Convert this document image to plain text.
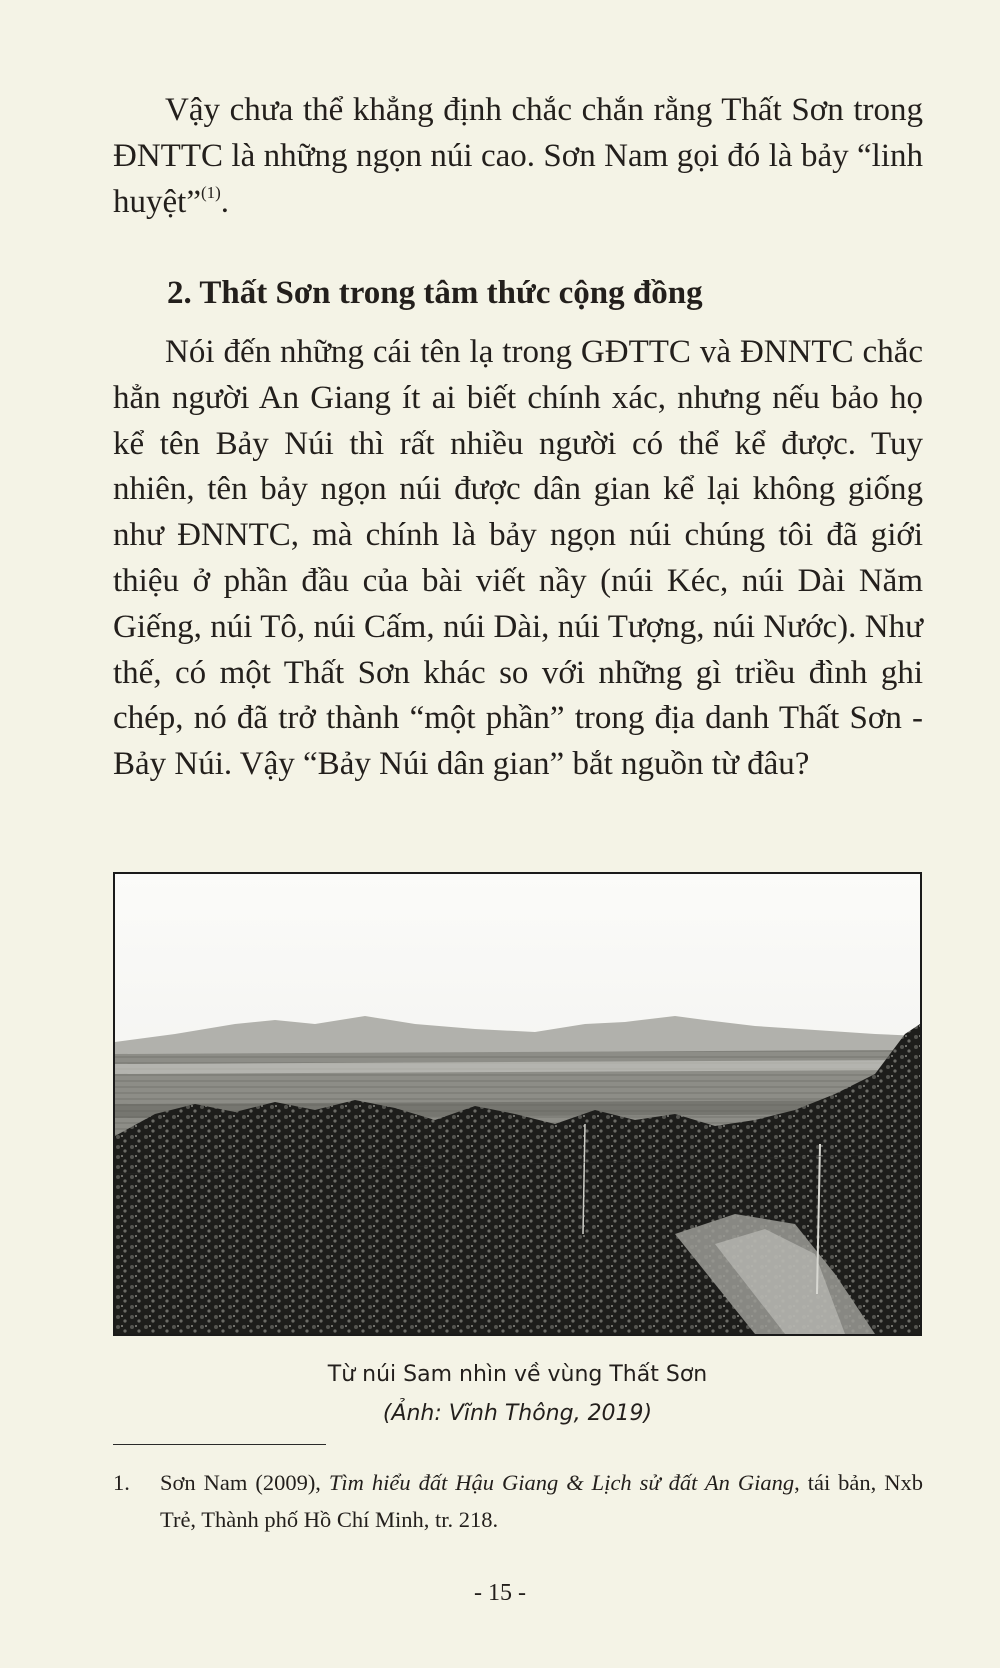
Vậy chưa thể khẳng định chắc chắn rằng Thất Sơn trong ĐNTTC là những ngọn núi cao. Sơn Nam gọi đó là bảy “linh huyệt”$^{(1)}$.

2. Thất Sơn trong tâm thức cộng đồng

Nói đến những cái tên lạ trong GĐTTC và ĐNNTC chắc hẳn người An Giang ít ai biết chính xác, nhưng nếu bảo họ kể tên Bảy Núi thì rất nhiều người có thể kể được. Tuy nhiên, tên bảy ngọn núi được dân gian kể lại không giống như ĐNNTC, mà chính là bảy ngọn núi chúng tôi đã giới thiệu ở phần đầu của bài viết nầy (núi Kéc, núi Dài Năm Giếng, núi Tô, núi Cấm, núi Dài, núi Tượng, núi Nước). Như thế, có một Thất Sơn khác so với những gì triều đình ghi chép, nó đã trở thành “một phần” trong địa danh Thất Sơn - Bảy Núi. Vậy “Bảy Núi dân gian” bắt nguồn từ đâu?

Từ núi Sam nhìn về vùng Thất Sơn

(Ảnh: Vĩnh Thông, 2019)

1. Sơn Nam (2009), Tìm hiểu đất Hậu Giang & Lịch sử đất An Giang, tái bản, Nxb Trẻ, Thành phố Hồ Chí Minh, tr. 218.

- 15 -
